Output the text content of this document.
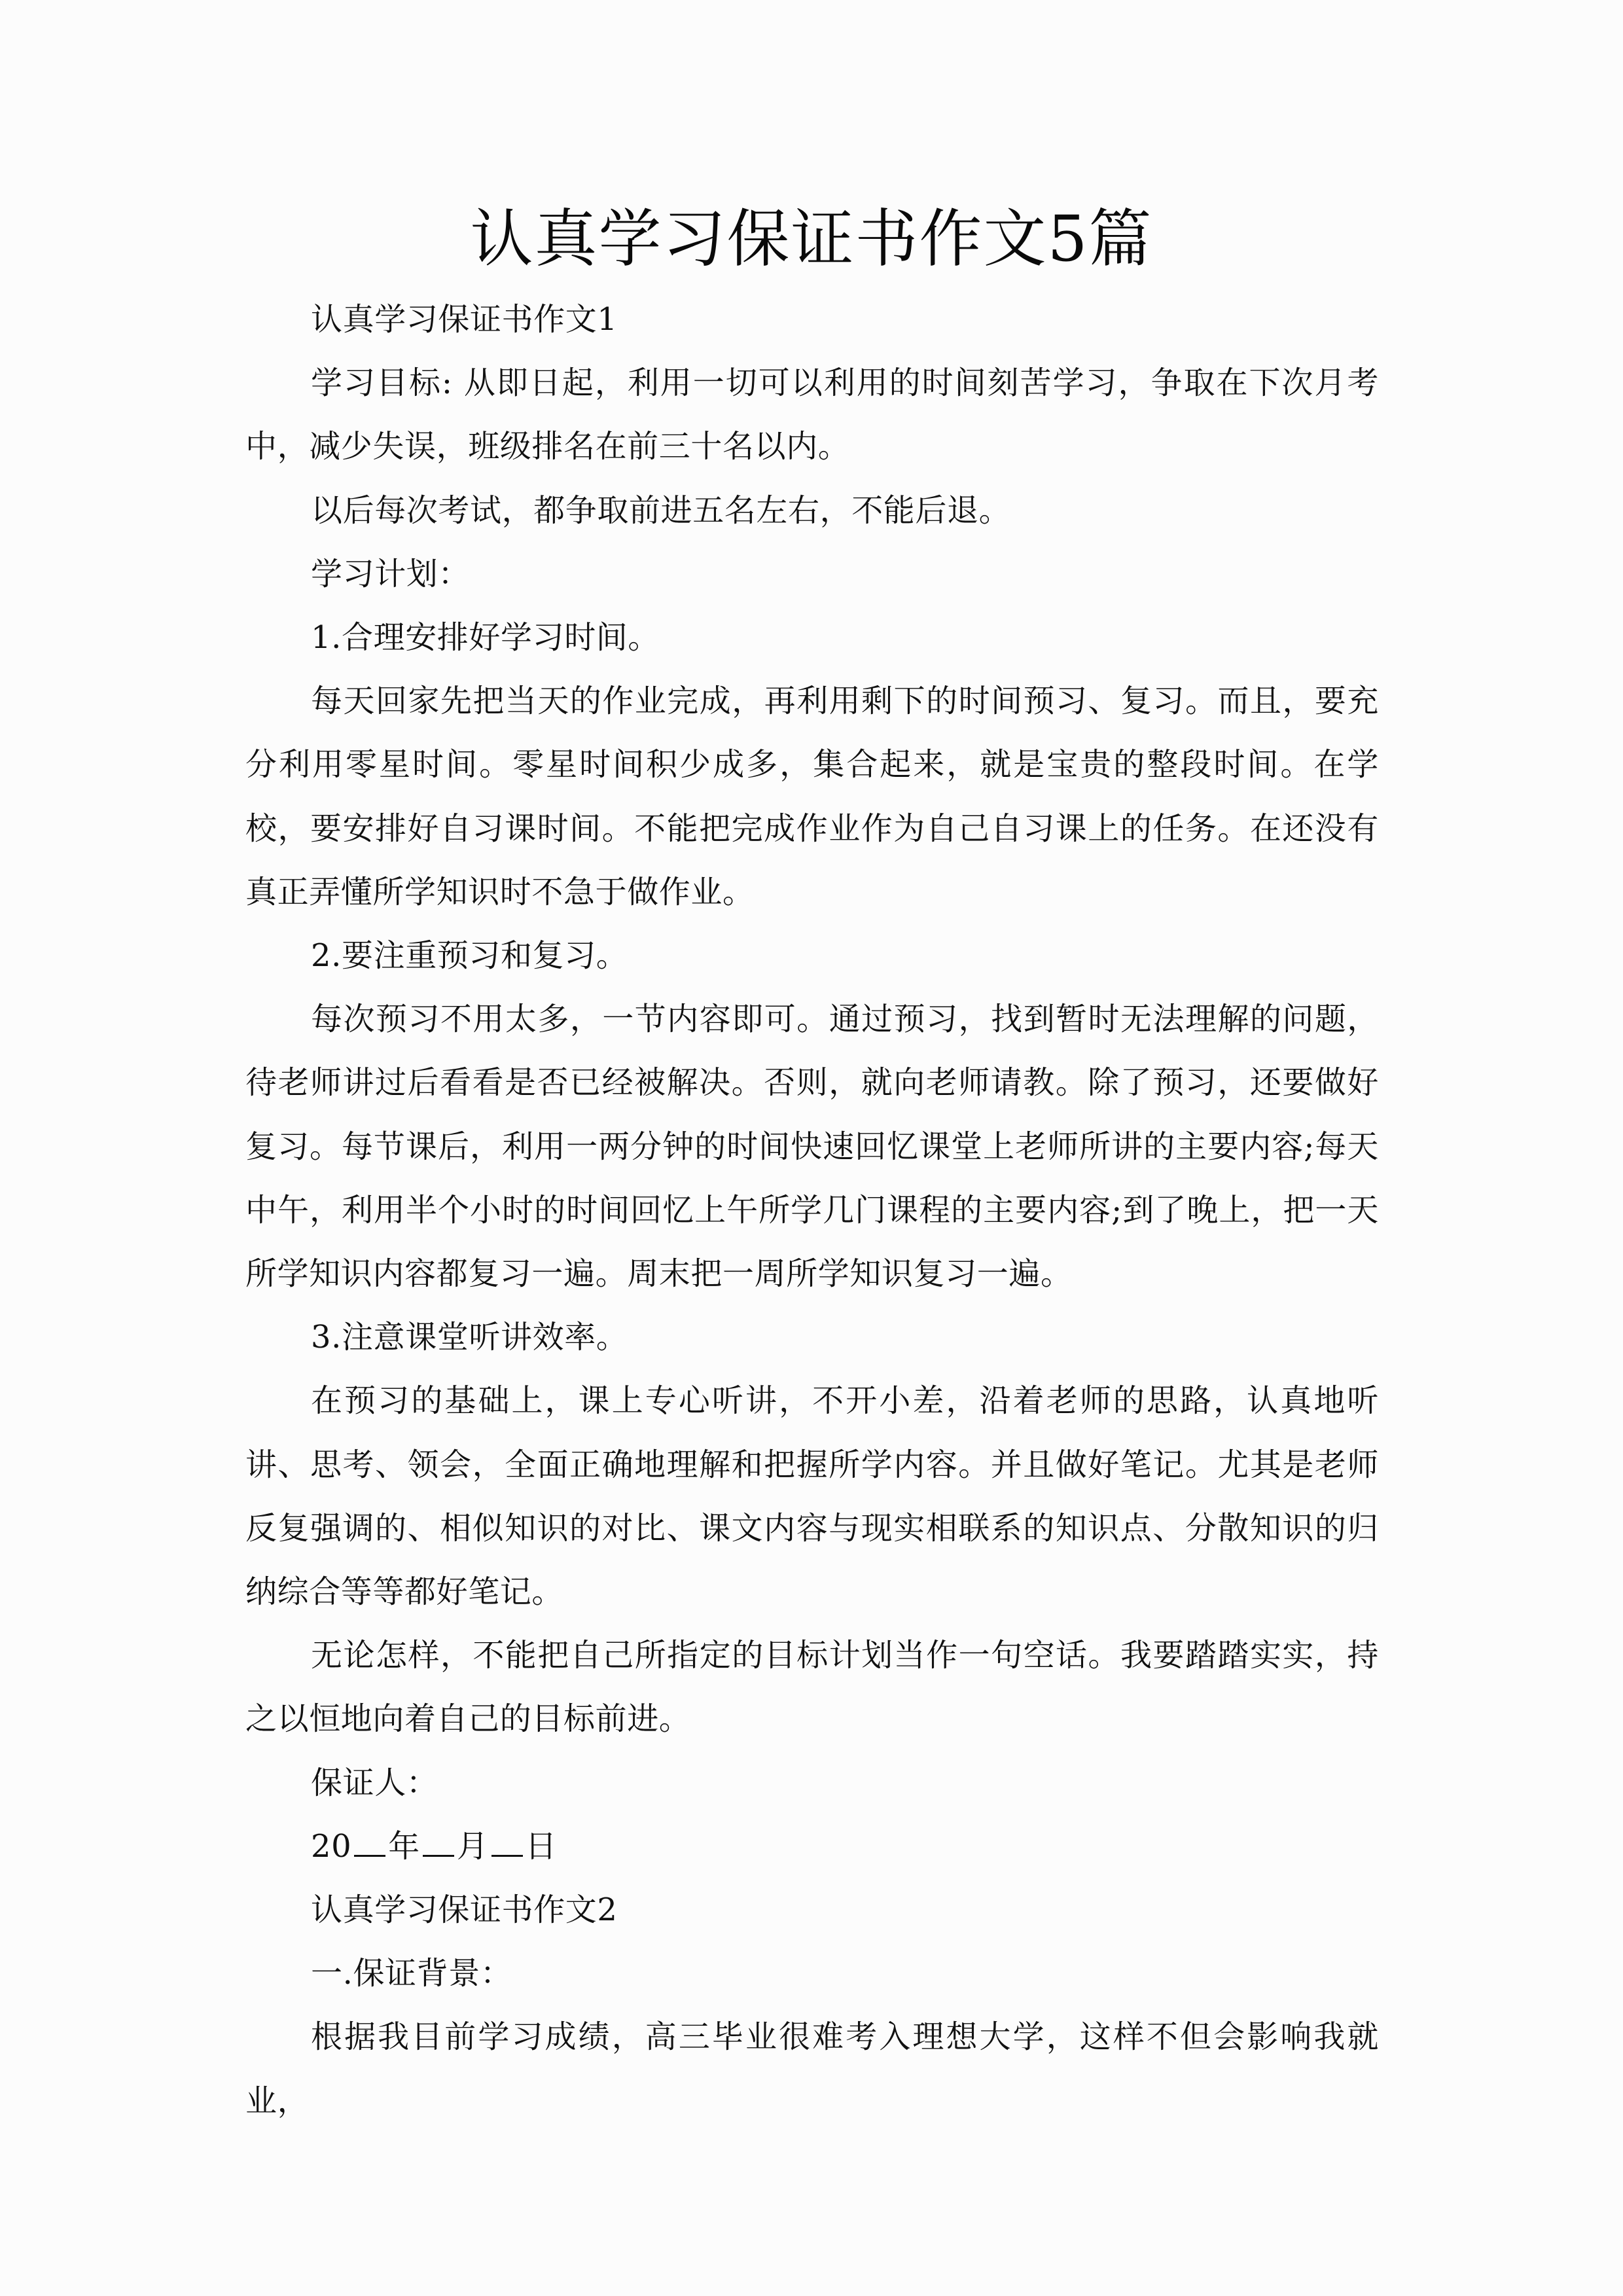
认真学习保证书作文5篇

认真学习保证书作文1

学习目标: 从即日起，利用一切可以利用的时间刻苦学习，争取在下次月考中，减少失误，班级排名在前三十名以内。

以后每次考试，都争取前进五名左右，不能后退。

学习计划：

1.合理安排好学习时间。

每天回家先把当天的作业完成，再利用剩下的时间预习、复习。而且，要充分利用零星时间。零星时间积少成多，集合起来，就是宝贵的整段时间。在学校，要安排好自习课时间。不能把完成作业作为自己自习课上的任务。在还没有真正弄懂所学知识时不急于做作业。

2.要注重预习和复习。

每次预习不用太多，一节内容即可。通过预习，找到暂时无法理解的问题，待老师讲过后看看是否已经被解决。否则，就向老师请教。除了预习，还要做好复习。每节课后，利用一两分钟的时间快速回忆课堂上老师所讲的主要内容;每天中午，利用半个小时的时间回忆上午所学几门课程的主要内容;到了晚上，把一天所学知识内容都复习一遍。周末把一周所学知识复习一遍。

3.注意课堂听讲效率。

在预习的基础上，课上专心听讲，不开小差，沿着老师的思路，认真地听讲、思考、领会，全面正确地理解和把握所学内容。并且做好笔记。尤其是老师反复强调的、相似知识的对比、课文内容与现实相联系的知识点、分散知识的归纳综合等等都好笔记。

无论怎样，不能把自己所指定的目标计划当作一句空话。我要踏踏实实，持之以恒地向着自己的目标前进。

保证人：

20 年 月 日

认真学习保证书作文2

一.保证背景：

根据我目前学习成绩，高三毕业很难考入理想大学，这样不但会影响我就业，
